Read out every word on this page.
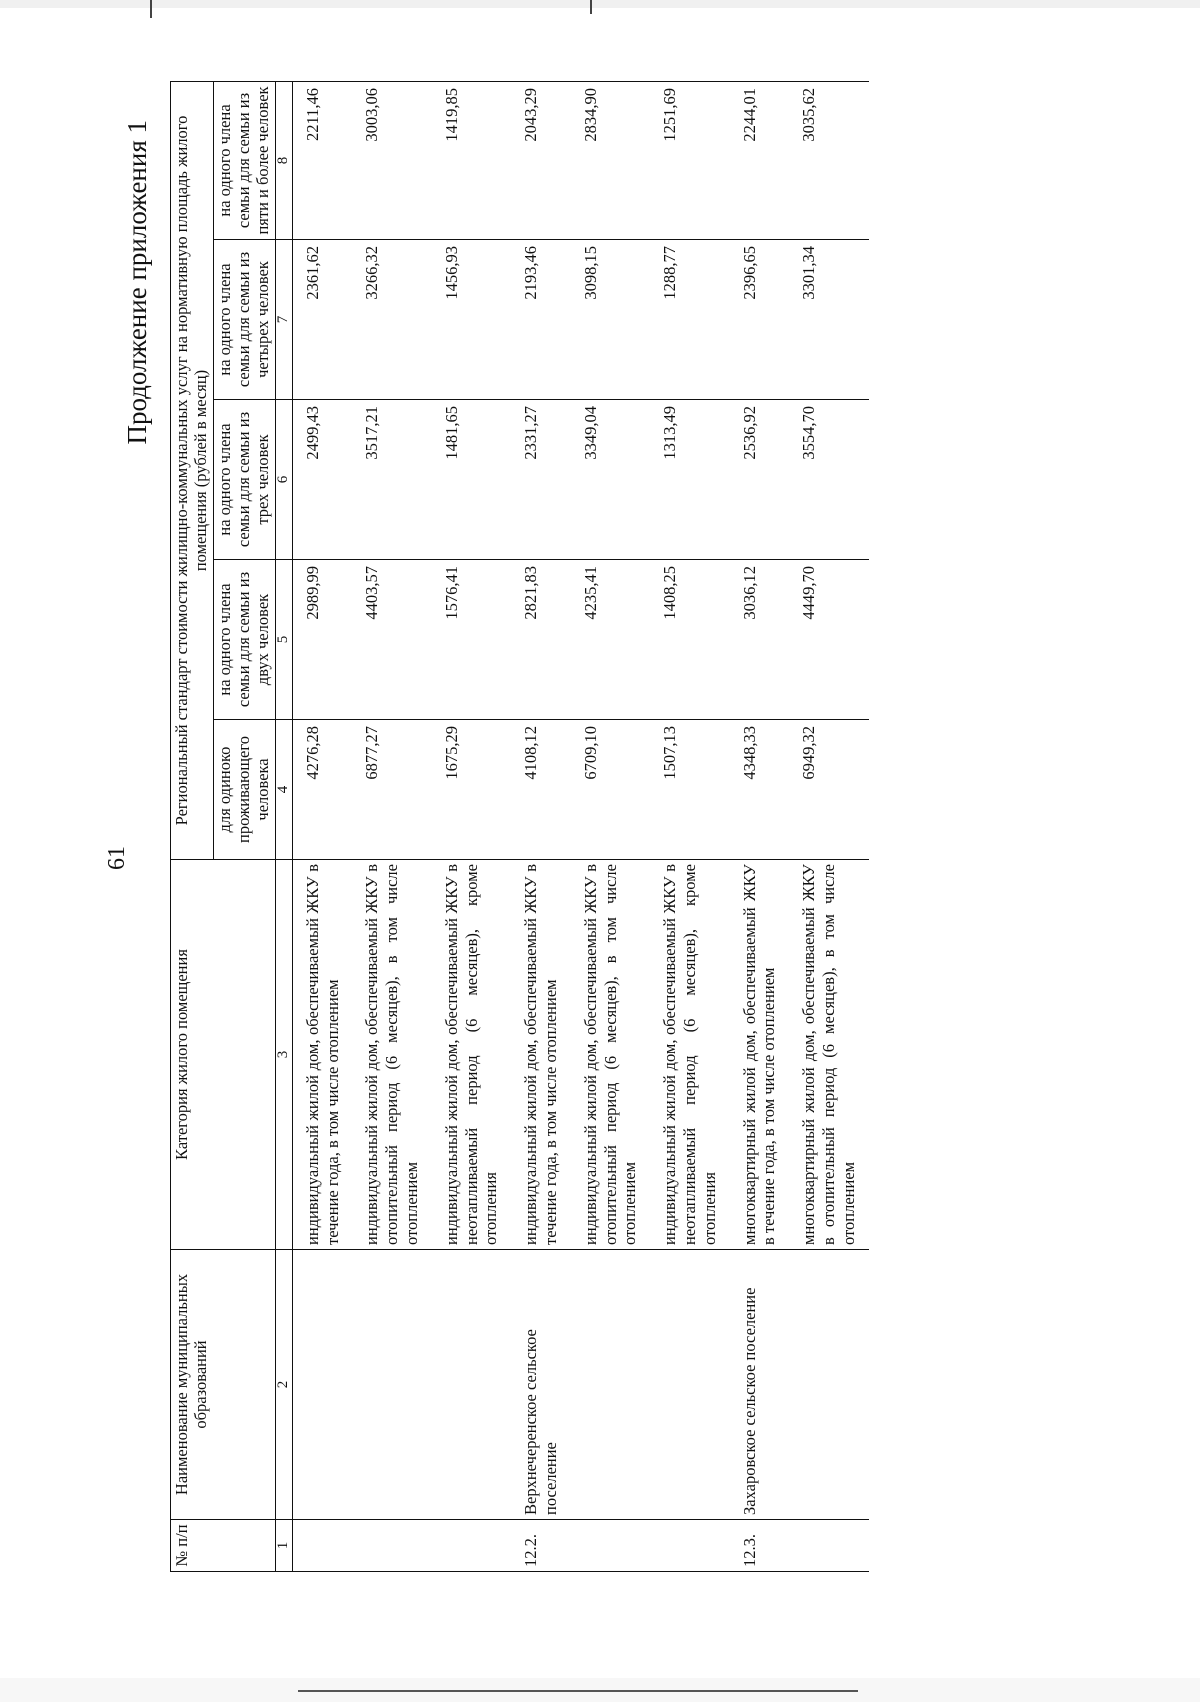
61
Продолжение приложения 1
№ п/п	Наименование муниципальных образований	Категория жилого помещения	Региональный стандарт стоимости жилищно-коммунальных услуг на нормативную площадь жилого помещения (рублей в месяц)				
			для одиноко проживающего человека	на одного члена семьи для семьи из двух человек	на одного члена семьи для семьи из трех человек	на одного члена семьи для семьи из четырех человек	на одного члена семьи для семьи из пяти и более человек
1	2	3	4	5	6	7	8
		индивидуальный жилой дом, обеспечиваемый ЖКУ в течение года, в том числе отоплением	4276,28	2989,99	2499,43	2361,62	2211,46
		индивидуальный жилой дом, обеспечиваемый ЖКУ в отопительный период (6 месяцев), в том числе отоплением	6877,27	4403,57	3517,21	3266,32	3003,06
		индивидуальный жилой дом, обеспечиваемый ЖКУ в неотапливаемый период (6 месяцев), кроме отопления	1675,29	1576,41	1481,65	1456,93	1419,85
12.2.	Верхнечеренское сельское поселение	индивидуальный жилой дом, обеспечиваемый ЖКУ в течение года, в том числе отоплением	4108,12	2821,83	2331,27	2193,46	2043,29
		индивидуальный жилой дом, обеспечиваемый ЖКУ в отопительный период (6 месяцев), в том числе отоплением	6709,10	4235,41	3349,04	3098,15	2834,90
		индивидуальный жилой дом, обеспечиваемый ЖКУ в неотапливаемый период (6 месяцев), кроме отопления	1507,13	1408,25	1313,49	1288,77	1251,69
12.3.	Захаровское сельское поселение	многоквартирный жилой дом, обеспечиваемый ЖКУ в течение года, в том числе отоплением	4348,33	3036,12	2536,92	2396,65	2244,01
		многоквартирный жилой дом, обеспечиваемый ЖКУ в отопительный период (6 месяцев), в том числе отоплением	6949,32	4449,70	3554,70	3301,34	3035,62
